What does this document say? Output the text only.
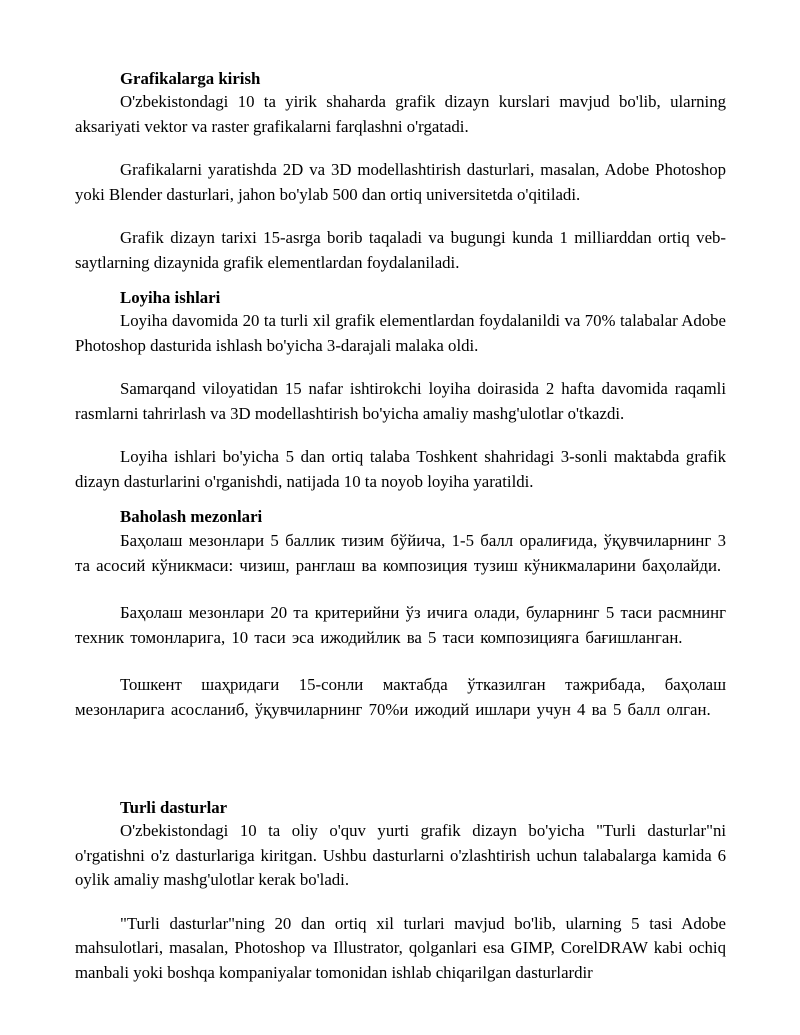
Grafikalarga kirish

O'zbekistondagi 10 ta yirik shaharda grafik dizayn kurslari mavjud bo'lib, ularning aksariyati vektor va raster grafikalarni farqlashni o'rgatadi.

Grafikalarni yaratishda 2D va 3D modellashtirish dasturlari, masalan, Adobe Photoshop yoki Blender dasturlari, jahon bo'ylab 500 dan ortiq universitetda o'qitiladi.

Grafik dizayn tarixi 15-asrga borib taqaladi va bugungi kunda 1 milliarddan ortiq veb-saytlarning dizaynida grafik elementlardan foydalaniladi.

Loyiha ishlari

Loyiha davomida 20 ta turli xil grafik elementlardan foydalanildi va 70% talabalar Adobe Photoshop dasturida ishlash bo'yicha 3-darajali malaka oldi.

Samarqand viloyatidan 15 nafar ishtirokchi loyiha doirasida 2 hafta davomida raqamli rasmlarni tahrirlash va 3D modellashtirish bo'yicha amaliy mashg'ulotlar o'tkazdi.

Loyiha ishlari bo'yicha 5 dan ortiq talaba Toshkent shahridagi 3-sonli maktabda grafik dizayn dasturlarini o'rganishdi, natijada 10 ta noyob loyiha yaratildi.

Baholash mezonlari

Баҳолаш мезонлари 5 баллик тизим бўйича, 1-5 балл оралиғида, ўқувчиларнинг 3 та асосий кўникмаси: чизиш, ранглаш ва композиция тузиш кўникмаларини баҳолайди.

Баҳолаш мезонлари 20 та критерийни ўз ичига олади, буларнинг 5 таси расмнинг техник томонларига, 10 таси эса ижодийлик ва 5 таси композицияга бағишланган.

Тошкент шаҳридаги 15-сонли мактабда ўтказилган тажрибада, баҳолаш мезонларига асосланиб, ўқувчиларнинг 70%и ижодий ишлари учун 4 ва 5 балл олган.

Turli dasturlar

O'zbekistondagi 10 ta oliy o'quv yurti grafik dizayn bo'yicha "Turli dasturlar"ni o'rgatishni o'z dasturlariga kiritgan. Ushbu dasturlarni o'zlashtirish uchun talabalarga kamida 6 oylik amaliy mashg'ulotlar kerak bo'ladi.

"Turli dasturlar"ning 20 dan ortiq xil turlari mavjud bo'lib, ularning 5 tasi Adobe mahsulotlari, masalan, Photoshop va Illustrator, qolganlari esa GIMP, CorelDRAW kabi ochiq manbali yoki boshqa kompaniyalar tomonidan ishlab chiqarilgan dasturlardir
